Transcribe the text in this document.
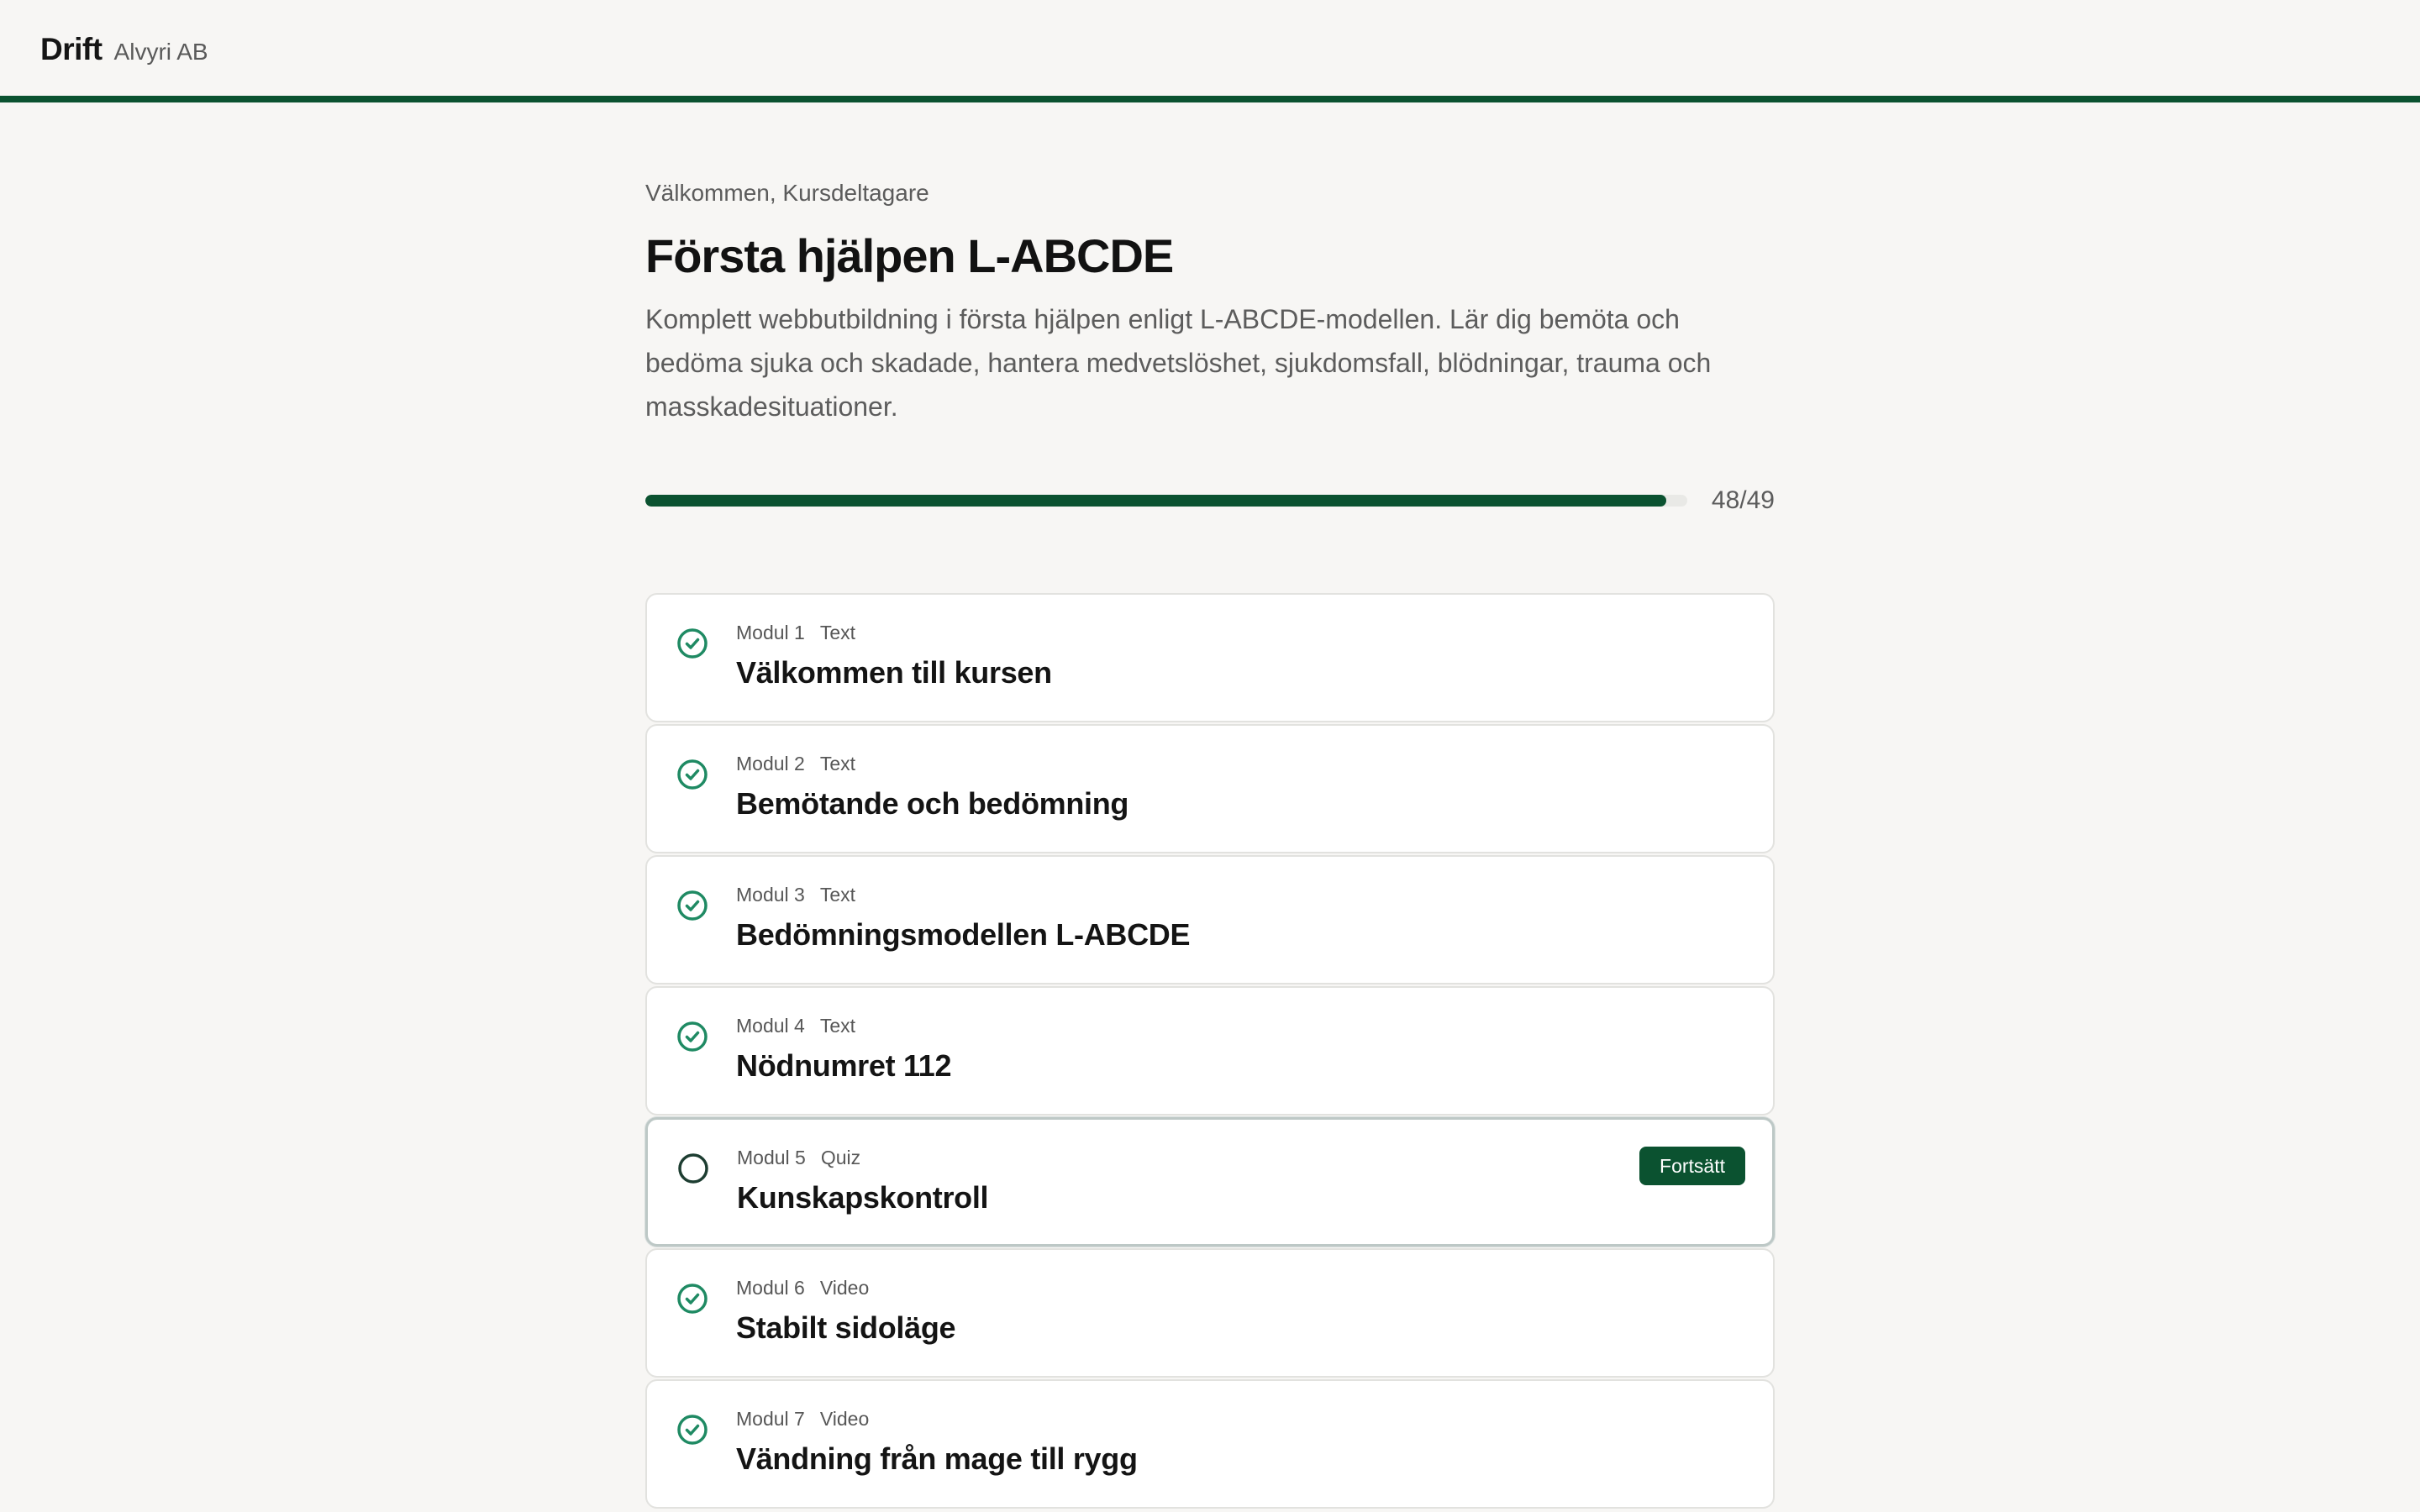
Drift Alvyri AB
Välkommen, Kursdeltagare
Första hjälpen L-ABCDE

Komplett webbutbildning i första hjälpen enligt L-ABCDE-modellen. Lär dig bemöta och bedöma sjuka och skadade, hantera medvetslöshet, sjukdomsfall, blödningar, trauma och masskadesituationer.

48/49
Modul 1 Text
Välkommen till kursen
Modul 2 Text
Bemötande och bedömning
Modul 3 Text
Bedömningsmodellen L-ABCDE
Modul 4 Text
Nödnumret 112
Modul 5 Quiz
Kunskapskontroll
Fortsätt
Modul 6 Video
Stabilt sidoläge
Modul 7 Video
Vändning från mage till rygg
